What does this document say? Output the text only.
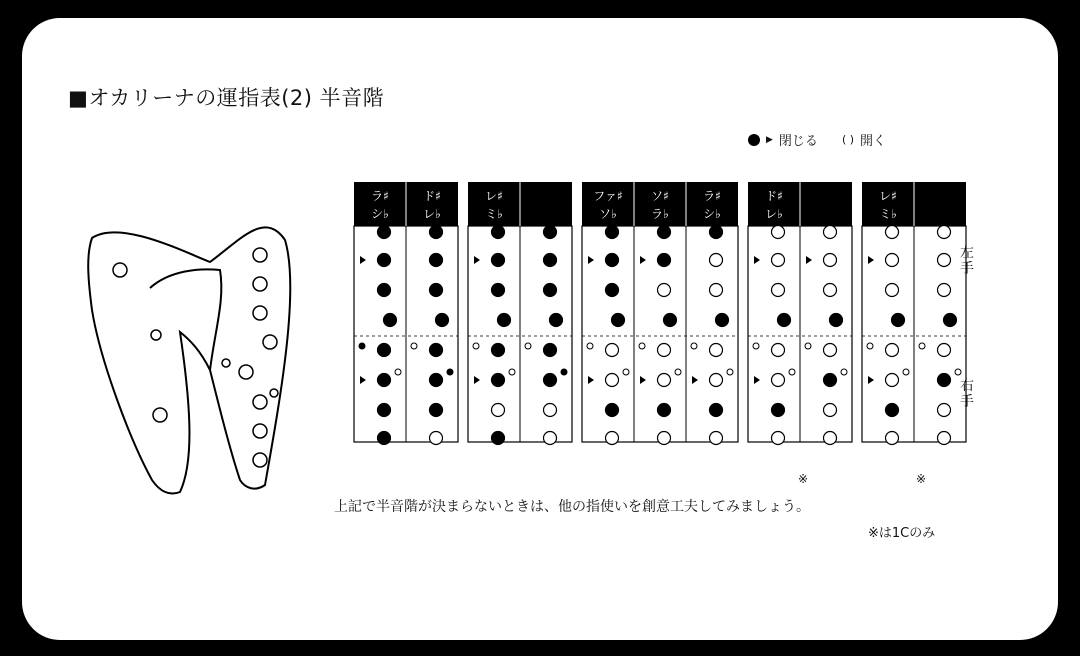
■オカリーナの運指表(2) 半音階
▶ 閉じる ( ) 開く
ラ♯
シ♭
ド♯
レ♭
レ♯
ミ♭
ファ♯
ソ♭
ソ♯
ラ♭
ラ♯
シ♭
ド♯
レ♭
レ♯
ミ♭
左手
右手
※	※
上記で半音階が決まらないときは、他の指使いを創意工夫してみましょう。
※は1Cのみ
